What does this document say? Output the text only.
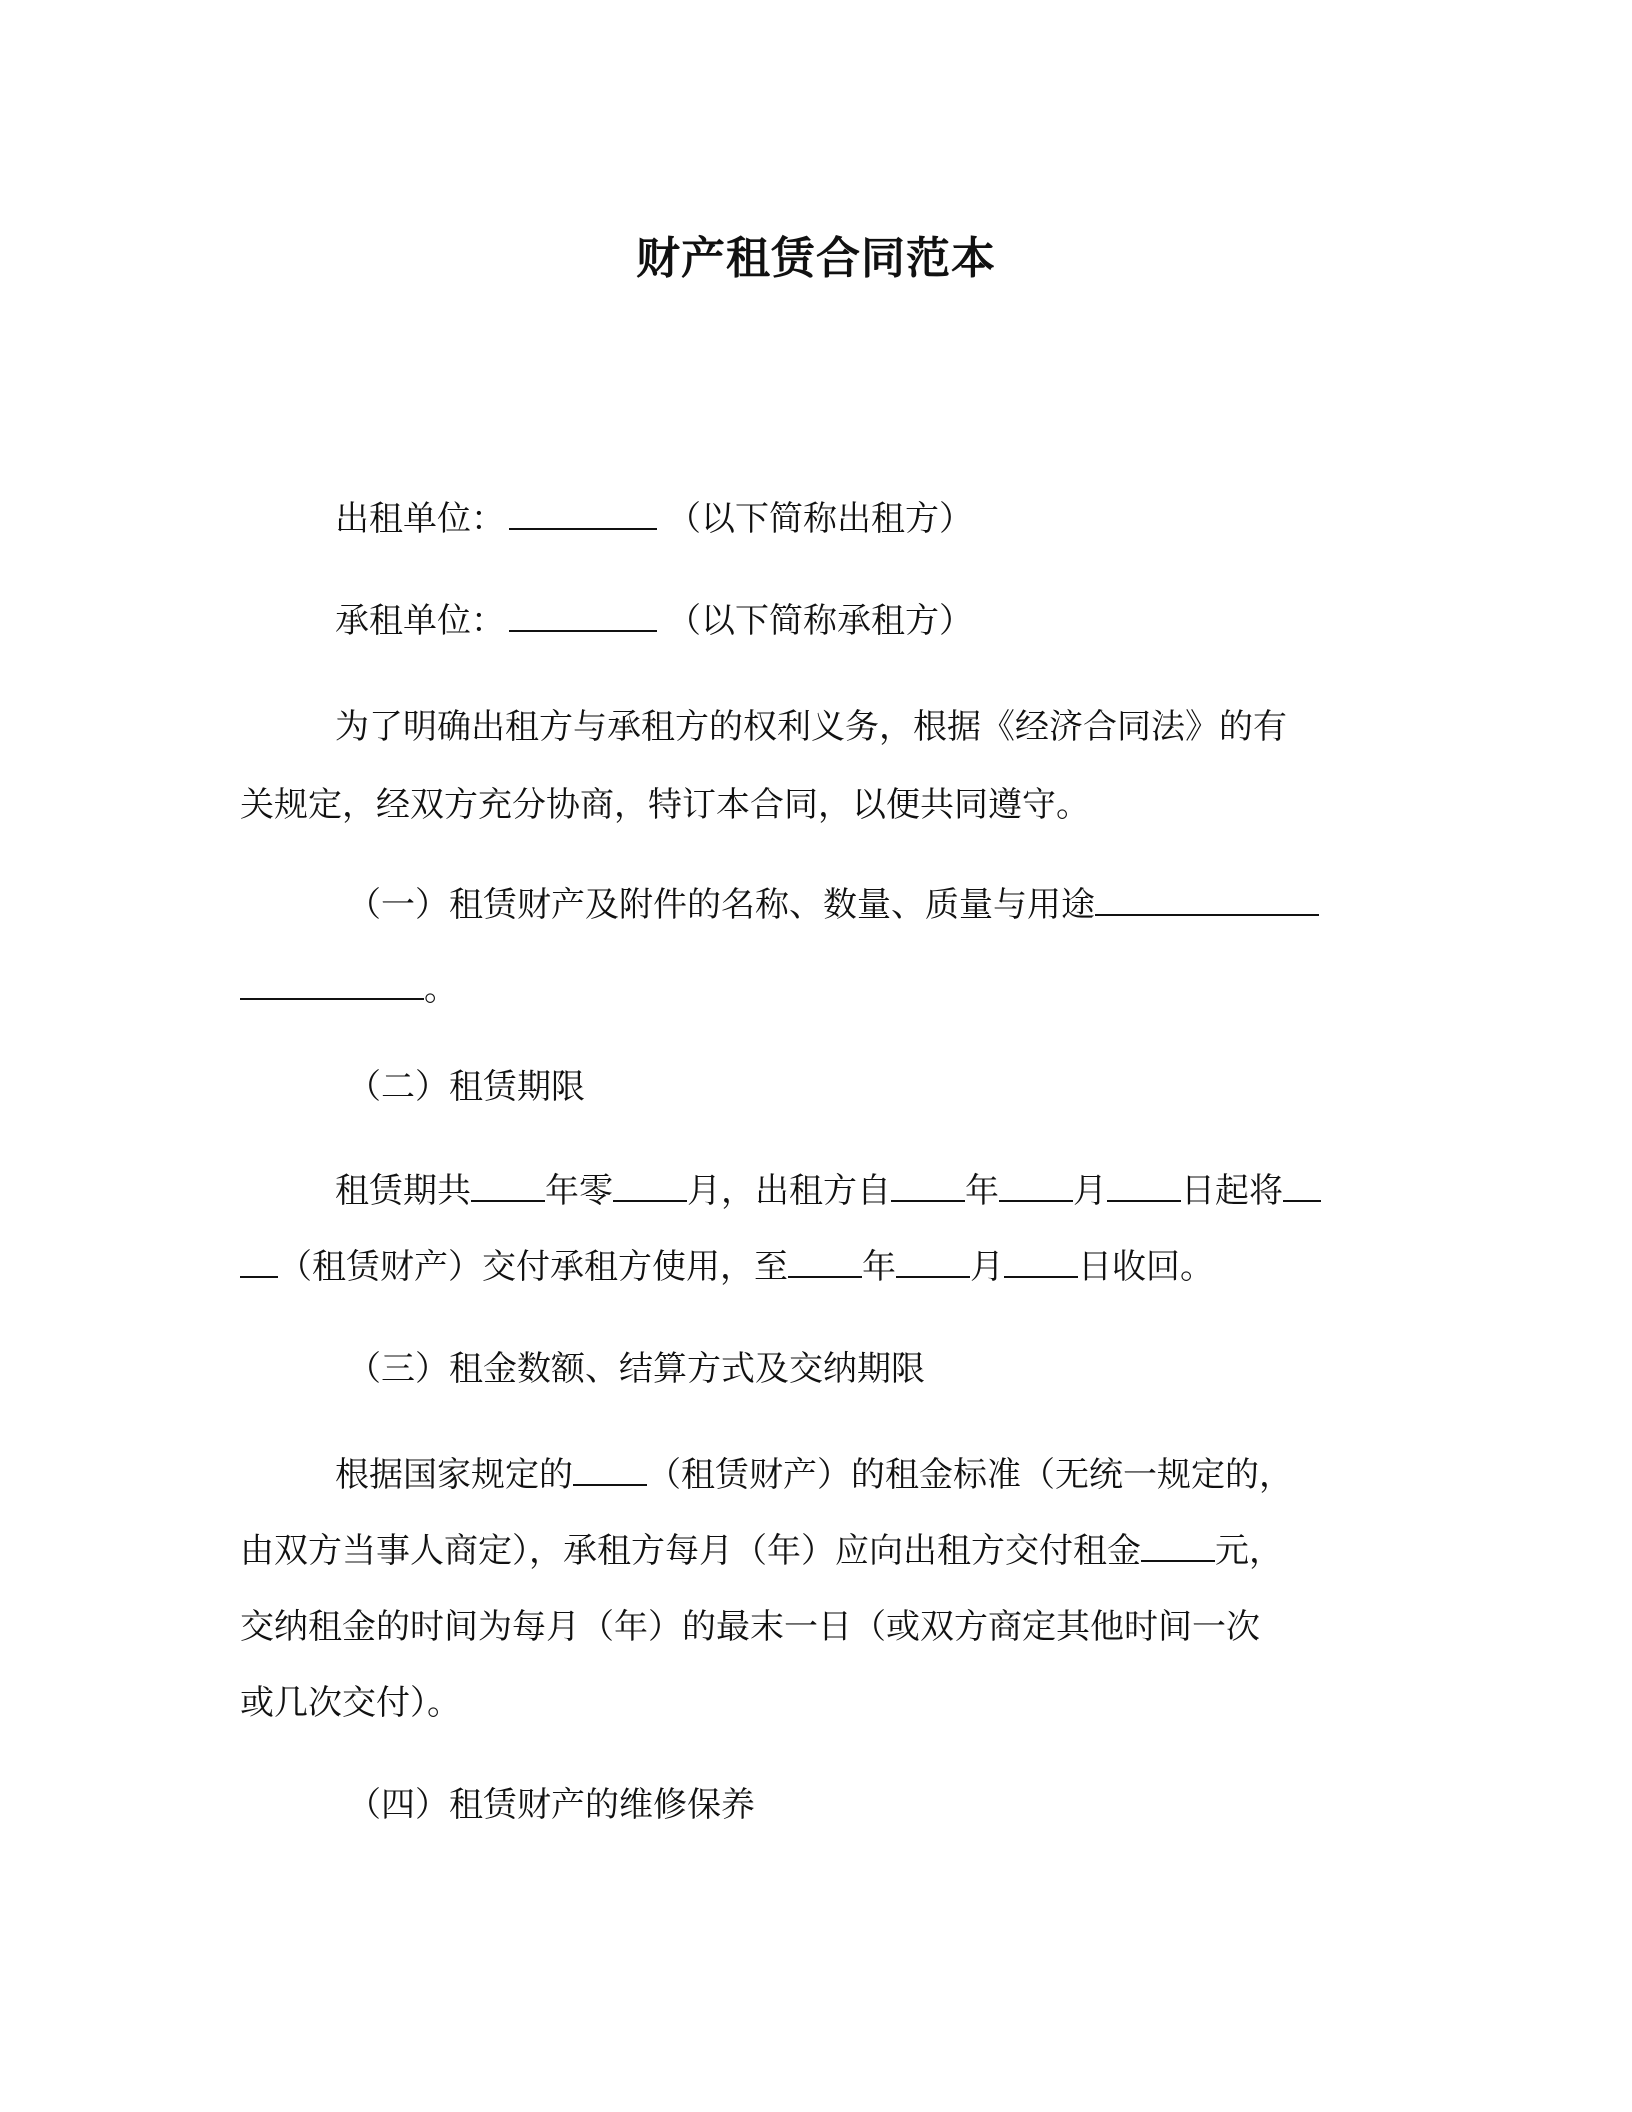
财产租赁合同范本
出租单位：	（以下简称出租方）
承租单位：	（以下简称承租方）
为了明确出租方与承租方的权利义务，根据《经济合同法》的有
关规定，经双方充分协商，特订本合同，以便共同遵守。
（一）租赁财产及附件的名称、数量、质量与用途
。
（二）租赁期限
租赁期共 年零 月，出租方自 年 月 日起将
（租赁财产）交付承租方使用，至 年 月 日收回。
（三）租金数额、结算方式及交纳期限
根据国家规定的 （租赁财产）的租金标准（无统一规定的，
由双方当事人商定），承租方每月（年）应向出租方交付租金 元，
交纳租金的时间为每月（年）的最末一日（或双方商定其他时间一次
或几次交付）。
（四）租赁财产的维修保养
